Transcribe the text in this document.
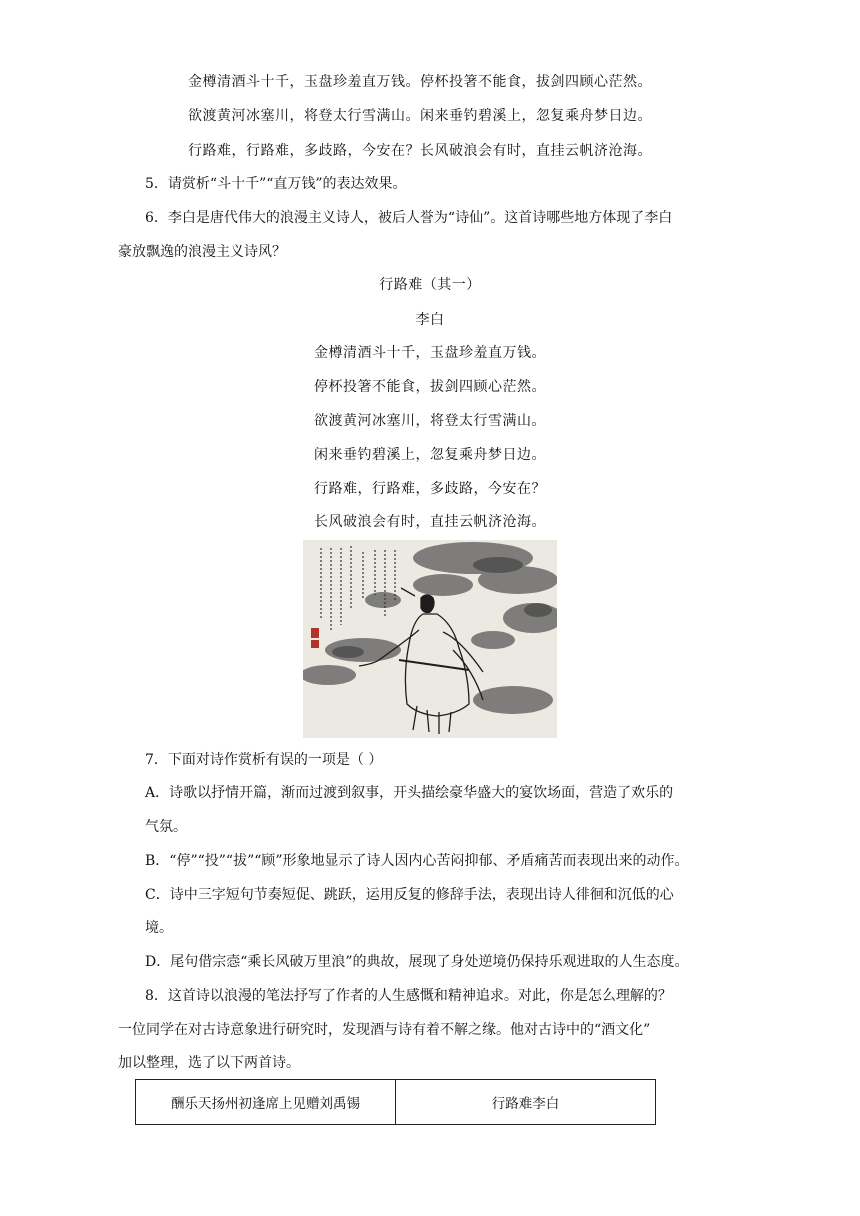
金樽清酒斗十千，玉盘珍羞直万钱。停杯投箸不能食，拔剑四顾心茫然。
欲渡黄河冰塞川，将登太行雪满山。闲来垂钓碧溪上，忽复乘舟梦日边。
行路难，行路难，多歧路，今安在？长风破浪会有时，直挂云帆济沧海。
5．请赏析“斗十千”“直万钱”的表达效果。
6．李白是唐代伟大的浪漫主义诗人，被后人誉为“诗仙”。这首诗哪些地方体现了李白
豪放飘逸的浪漫主义诗风？
行路难（其一）
李白
金樽清酒斗十千，玉盘珍羞直万钱。
停杯投箸不能食，拔剑四顾心茫然。
欲渡黄河冰塞川，将登太行雪满山。
闲来垂钓碧溪上，忽复乘舟梦日边。
行路难，行路难，多歧路，今安在？
长风破浪会有时，直挂云帆济沧海。
7．下面对诗作赏析有误的一项是（ ）
A．诗歌以抒情开篇，渐而过渡到叙事，开头描绘豪华盛大的宴饮场面，营造了欢乐的
气氛。
B．“停”“投”“拔”“顾”形象地显示了诗人因内心苦闷抑郁、矛盾痛苦而表现出来的动作。
C．诗中三字短句节奏短促、跳跃，运用反复的修辞手法，表现出诗人徘徊和沉低的心
境。
D．尾句借宗悫“乘长风破万里浪”的典故，展现了身处逆境仍保持乐观进取的人生态度。
8．这首诗以浪漫的笔法抒写了作者的人生感慨和精神追求。对此，你是怎么理解的？
一位同学在对古诗意象进行研究时，发现酒与诗有着不解之缘。他对古诗中的“酒文化”
加以整理，选了以下两首诗。
酬乐天扬州初逢席上见赠刘禹锡	行路难李白
